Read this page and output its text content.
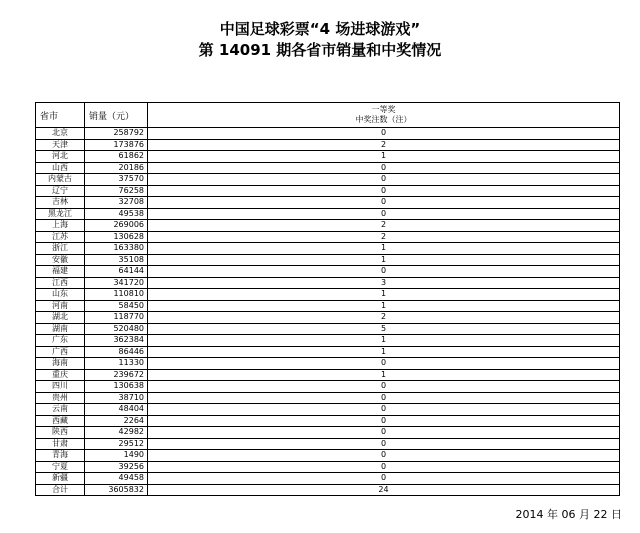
中国足球彩票“4 场进球游戏”
第 14091 期各省市销量和中奖情况
省市	销量（元）	一等奖
中奖注数（注）

北京	258792	0
天津	173876	2
河北	61862	1
山西	20186	0
内蒙古	37570	0
辽宁	76258	0
吉林	32708	0
黑龙江	49538	0
上海	269006	2
江苏	130628	2
浙江	163380	1
安徽	35108	1
福建	64144	0
江西	341720	3
山东	110810	1
河南	58450	1
湖北	118770	2
湖南	520480	5
广东	362384	1
广西	86446	1
海南	11330	0
重庆	239672	1
四川	130638	0
贵州	38710	0
云南	48404	0
西藏	2264	0
陕西	42982	0
甘肃	29512	0
青海	1490	0
宁夏	39256	0
新疆	49458	0
合计	3605832	24
2014 年 06 月 22 日
